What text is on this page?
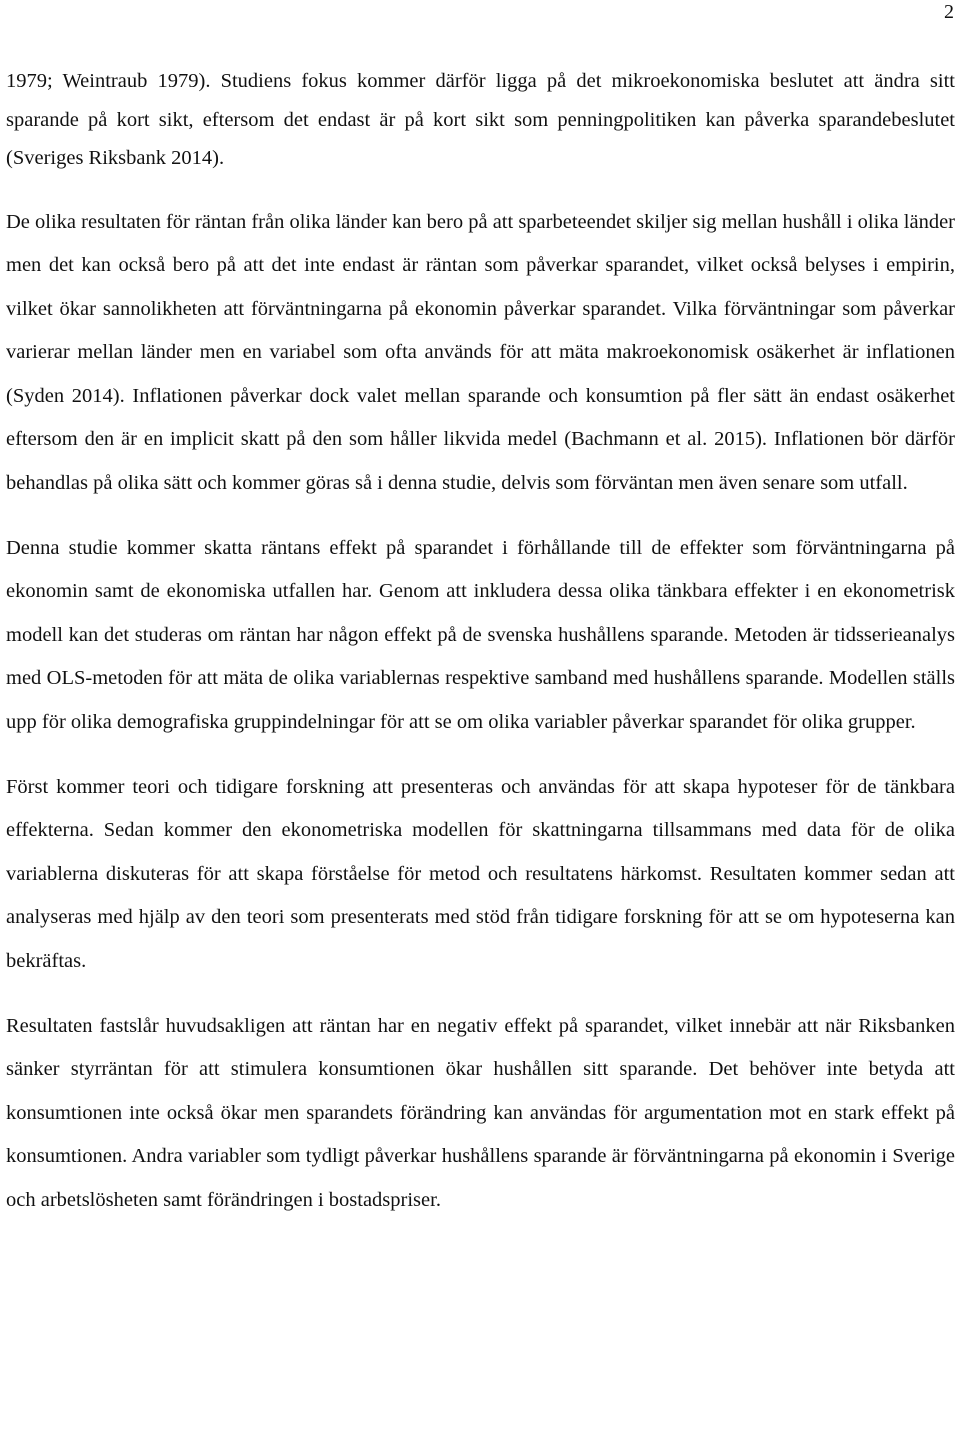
2

1979; Weintraub 1979). Studiens fokus kommer därför ligga på det mikroekonomiska beslutet att ändra sitt sparande på kort sikt, eftersom det endast är på kort sikt som penningpolitiken kan påverka sparandebeslutet (Sveriges Riksbank 2014).

De olika resultaten för räntan från olika länder kan bero på att sparbeteendet skiljer sig mellan hushåll i olika länder men det kan också bero på att det inte endast är räntan som påverkar sparandet, vilket också belyses i empirin, vilket ökar sannolikheten att förväntningarna på ekonomin påverkar sparandet. Vilka förväntningar som påverkar varierar mellan länder men en variabel som ofta används för att mäta makroekonomisk osäkerhet är inflationen (Syden 2014). Inflationen påverkar dock valet mellan sparande och konsumtion på fler sätt än endast osäkerhet eftersom den är en implicit skatt på den som håller likvida medel (Bachmann et al. 2015). Inflationen bör därför behandlas på olika sätt och kommer göras så i denna studie, delvis som förväntan men även senare som utfall.

Denna studie kommer skatta räntans effekt på sparandet i förhållande till de effekter som förväntningarna på ekonomin samt de ekonomiska utfallen har. Genom att inkludera dessa olika tänkbara effekter i en ekonometrisk modell kan det studeras om räntan har någon effekt på de svenska hushållens sparande. Metoden är tidsserieanalys med OLS-metoden för att mäta de olika variablernas respektive samband med hushållens sparande. Modellen ställs upp för olika demografiska gruppindelningar för att se om olika variabler påverkar sparandet för olika grupper.

Först kommer teori och tidigare forskning att presenteras och användas för att skapa hypoteser för de tänkbara effekterna. Sedan kommer den ekonometriska modellen för skattningarna tillsammans med data för de olika variablerna diskuteras för att skapa förståelse för metod och resultatens härkomst. Resultaten kommer sedan att analyseras med hjälp av den teori som presenterats med stöd från tidigare forskning för att se om hypoteserna kan bekräftas.

Resultaten fastslår huvudsakligen att räntan har en negativ effekt på sparandet, vilket innebär att när Riksbanken sänker styrräntan för att stimulera konsumtionen ökar hushållen sitt sparande. Det behöver inte betyda att konsumtionen inte också ökar men sparandets förändring kan användas för argumentation mot en stark effekt på konsumtionen. Andra variabler som tydligt påverkar hushållens sparande är förväntningarna på ekonomin i Sverige och arbetslösheten samt förändringen i bostadspriser.
